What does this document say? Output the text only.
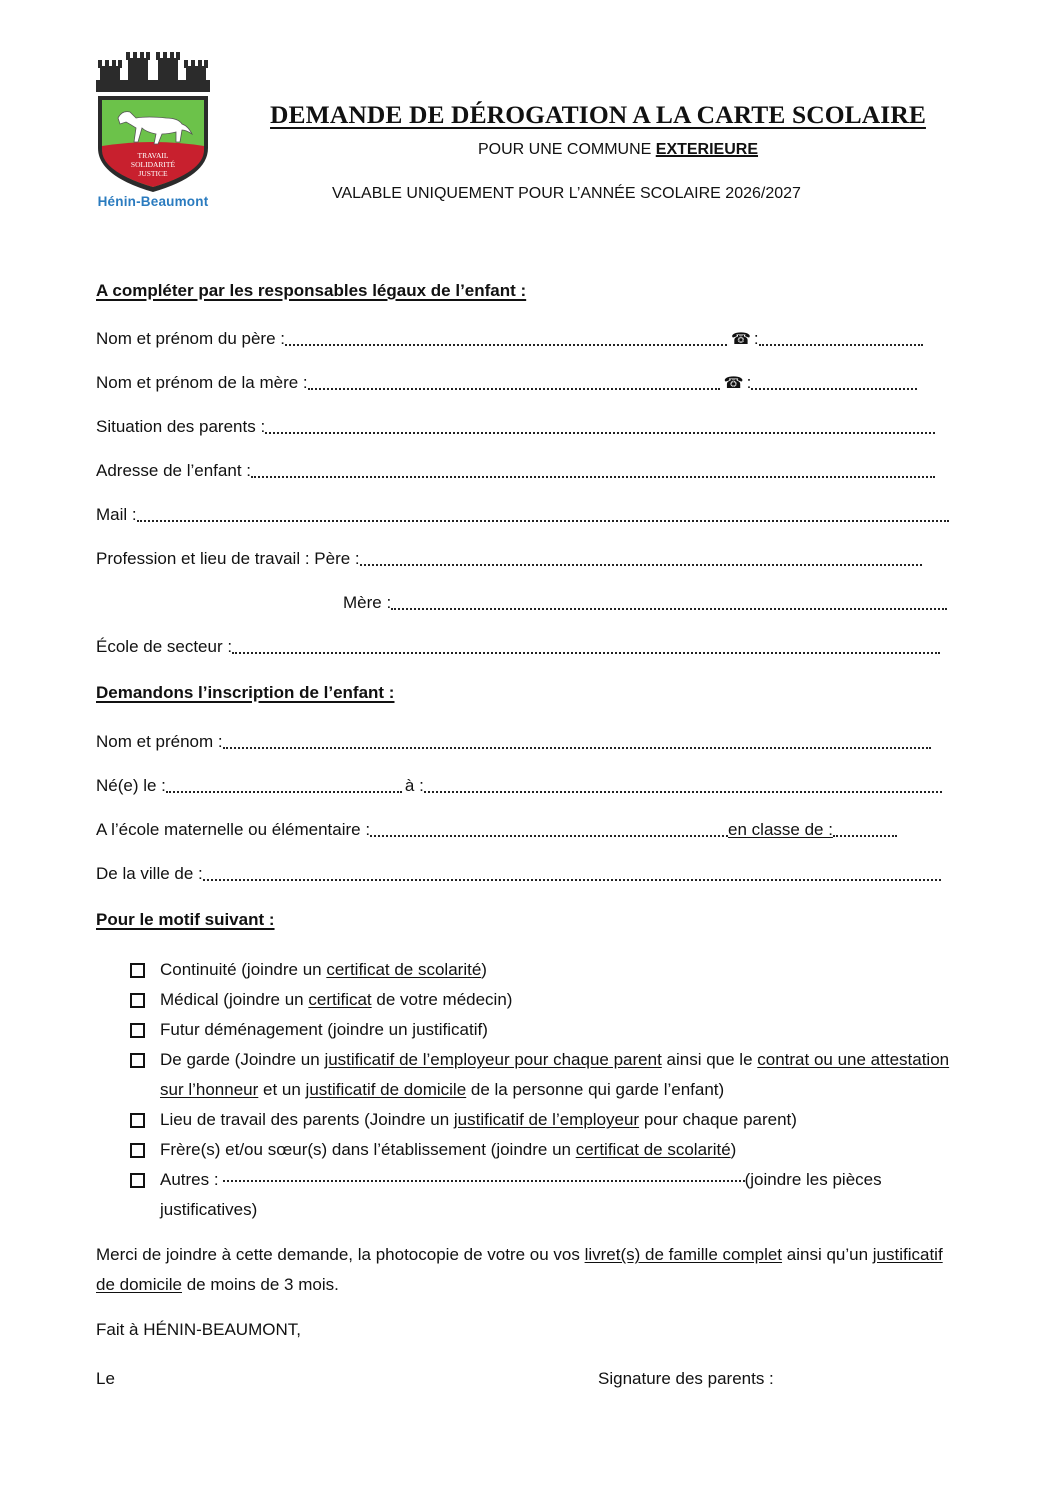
TRAVAIL
SOLIDARITÉ
JUSTICE
Hénin-Beaumont
DEMANDE DE DÉROGATION A LA CARTE SCOLAIRE
POUR UNE COMMUNE EXTERIEURE
VALABLE UNIQUEMENT POUR L’ANNÉE SCOLAIRE 2026/2027
A compléter par les responsables légaux de l’enfant :
Nom et prénom du père :	☎ :
Nom et prénom de la mère :	☎ :
Situation des parents :
Adresse de l’enfant :
Mail :
Profession et lieu de travail : Père :
Mère :
École de secteur :
Demandons l’inscription de l’enfant :
Nom et prénom :
Né(e) le :	à :
A l’école maternelle ou élémentaire :	en classe de :
De la ville de :
Pour le motif suivant :
Continuité (joindre un certificat de scolarité)
Médical (joindre un certificat de votre médecin)
Futur déménagement (joindre un justificatif)
De garde (Joindre un justificatif de l’employeur pour chaque parent ainsi que le contrat ou une attestation sur l’honneur et un justificatif de domicile de la personne qui garde l’enfant)
Lieu de travail des parents (Joindre un justificatif de l’employeur pour chaque parent)
Frère(s) et/ou sœur(s) dans l’établissement (joindre un certificat de scolarité)
Autres :	(joindre les pièces justificatives)
Merci de joindre à cette demande, la photocopie de votre ou vos livret(s) de famille complet ainsi qu’un justificatif de domicile de moins de 3 mois.
Fait à HÉNIN-BEAUMONT,
Le	Signature des parents :
